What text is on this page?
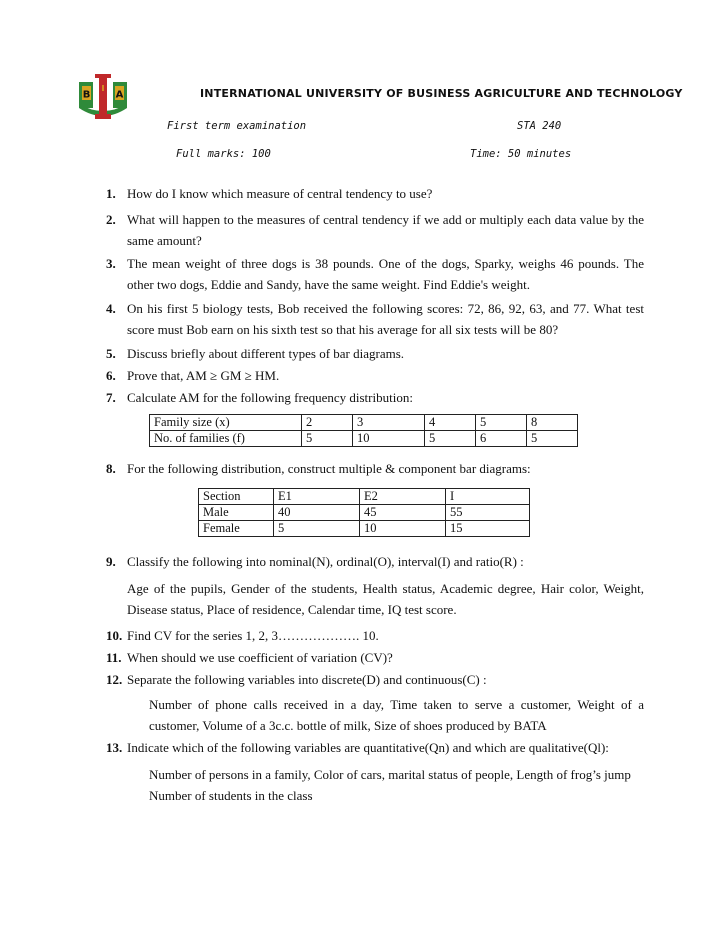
B
I
A	INTERNATIONAL UNIVERSITY OF BUSINESS AGRICULTURE AND TECHNOLOGY
First term examination	STA 240
Full marks: 100	Time: 50 minutes
1. How do I know which measure of central tendency to use?
2. What will happen to the measures of central tendency if we add or multiply each data value by the same amount?
3. The mean weight of three dogs is 38 pounds. One of the dogs, Sparky, weighs 46 pounds. The other two dogs, Eddie and Sandy, have the same weight. Find Eddie's weight.
4. On his first 5 biology tests, Bob received the following scores: 72, 86, 92, 63, and 77. What test score must Bob earn on his sixth test so that his average for all six tests will be 80?
5. Discuss briefly about different types of bar diagrams.
6. Prove that, AM ≥ GM ≥ HM.
7. Calculate AM for the following frequency distribution:
Family size (x)	2	3	4	5	8
No. of families (f)	5	10	5	6	5
8. For the following distribution, construct multiple & component bar diagrams:
Section	E1	E2	I
Male	40	45	55
Female	5	10	15
9. Classify the following into nominal(N), ordinal(O), interval(I) and ratio(R) :
Age of the pupils, Gender of the students, Health status, Academic degree, Hair color, Weight, Disease status, Place of residence, Calendar time, IQ test score.
10. Find CV for the series 1, 2, 3………………. 10.
11. When should we use coefficient of variation (CV)?
12. Separate the following variables into discrete(D) and continuous(C) :
Number of phone calls received in a day, Time taken to serve a customer, Weight of a customer, Volume of a 3c.c. bottle of milk, Size of shoes produced by BATA
13. Indicate which of the following variables are quantitative(Qn) and which are qualitative(Ql):
Number of persons in a family, Color of cars, marital status of people, Length of frog’s jump
Number of students in the class
